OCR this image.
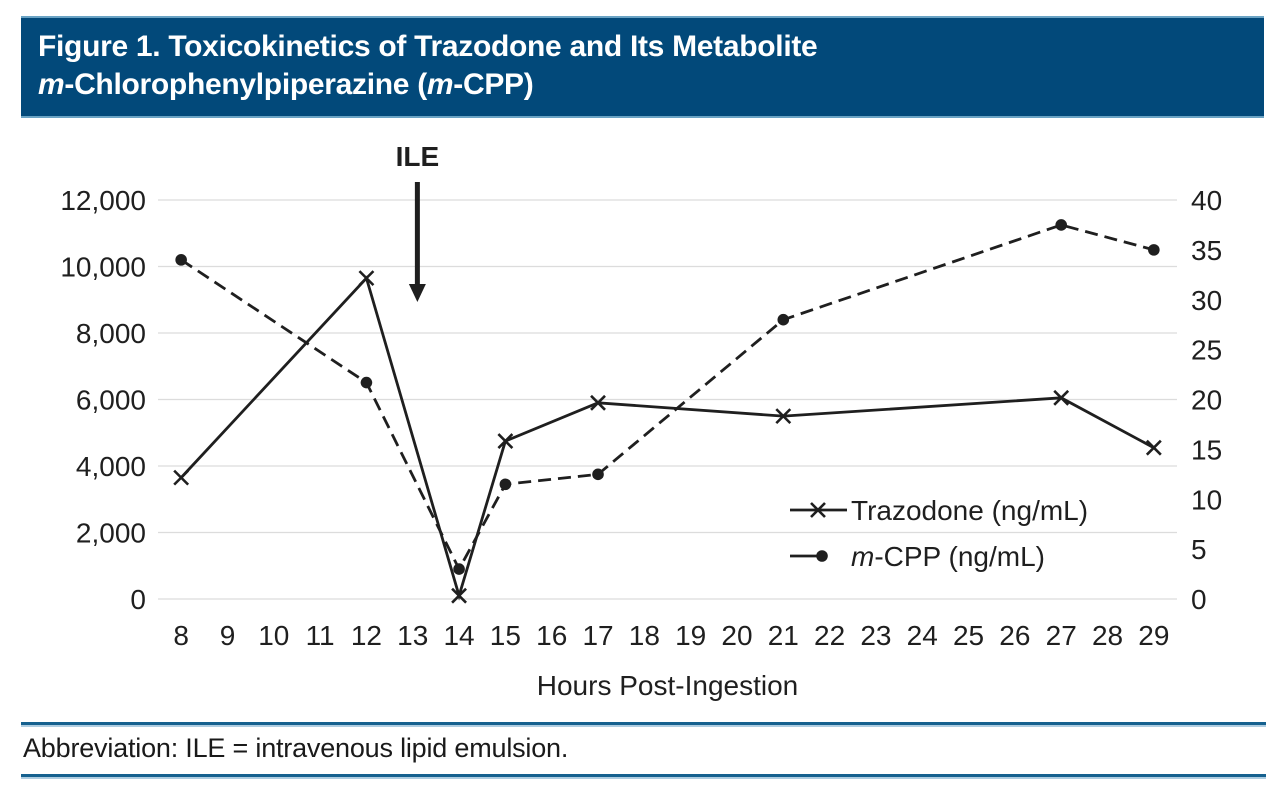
Figure 1. Toxicokinetics of Trazodone and Its Metabolite
m-Chlorophenylpiperazine (m-CPP)
12,000
10,000
8,000
6,000
4,000
2,000
0
40
35
30
25
20
15
10
5
0
8 9 10 11 12 13 14 15 16 17 18 19 20 21 22 23 24 25 26 27 28 29
Hours Post-Ingestion
ILE
Trazodone (ng/mL)
m-CPP (ng/mL)
Abbreviation: ILE = intravenous lipid emulsion.
